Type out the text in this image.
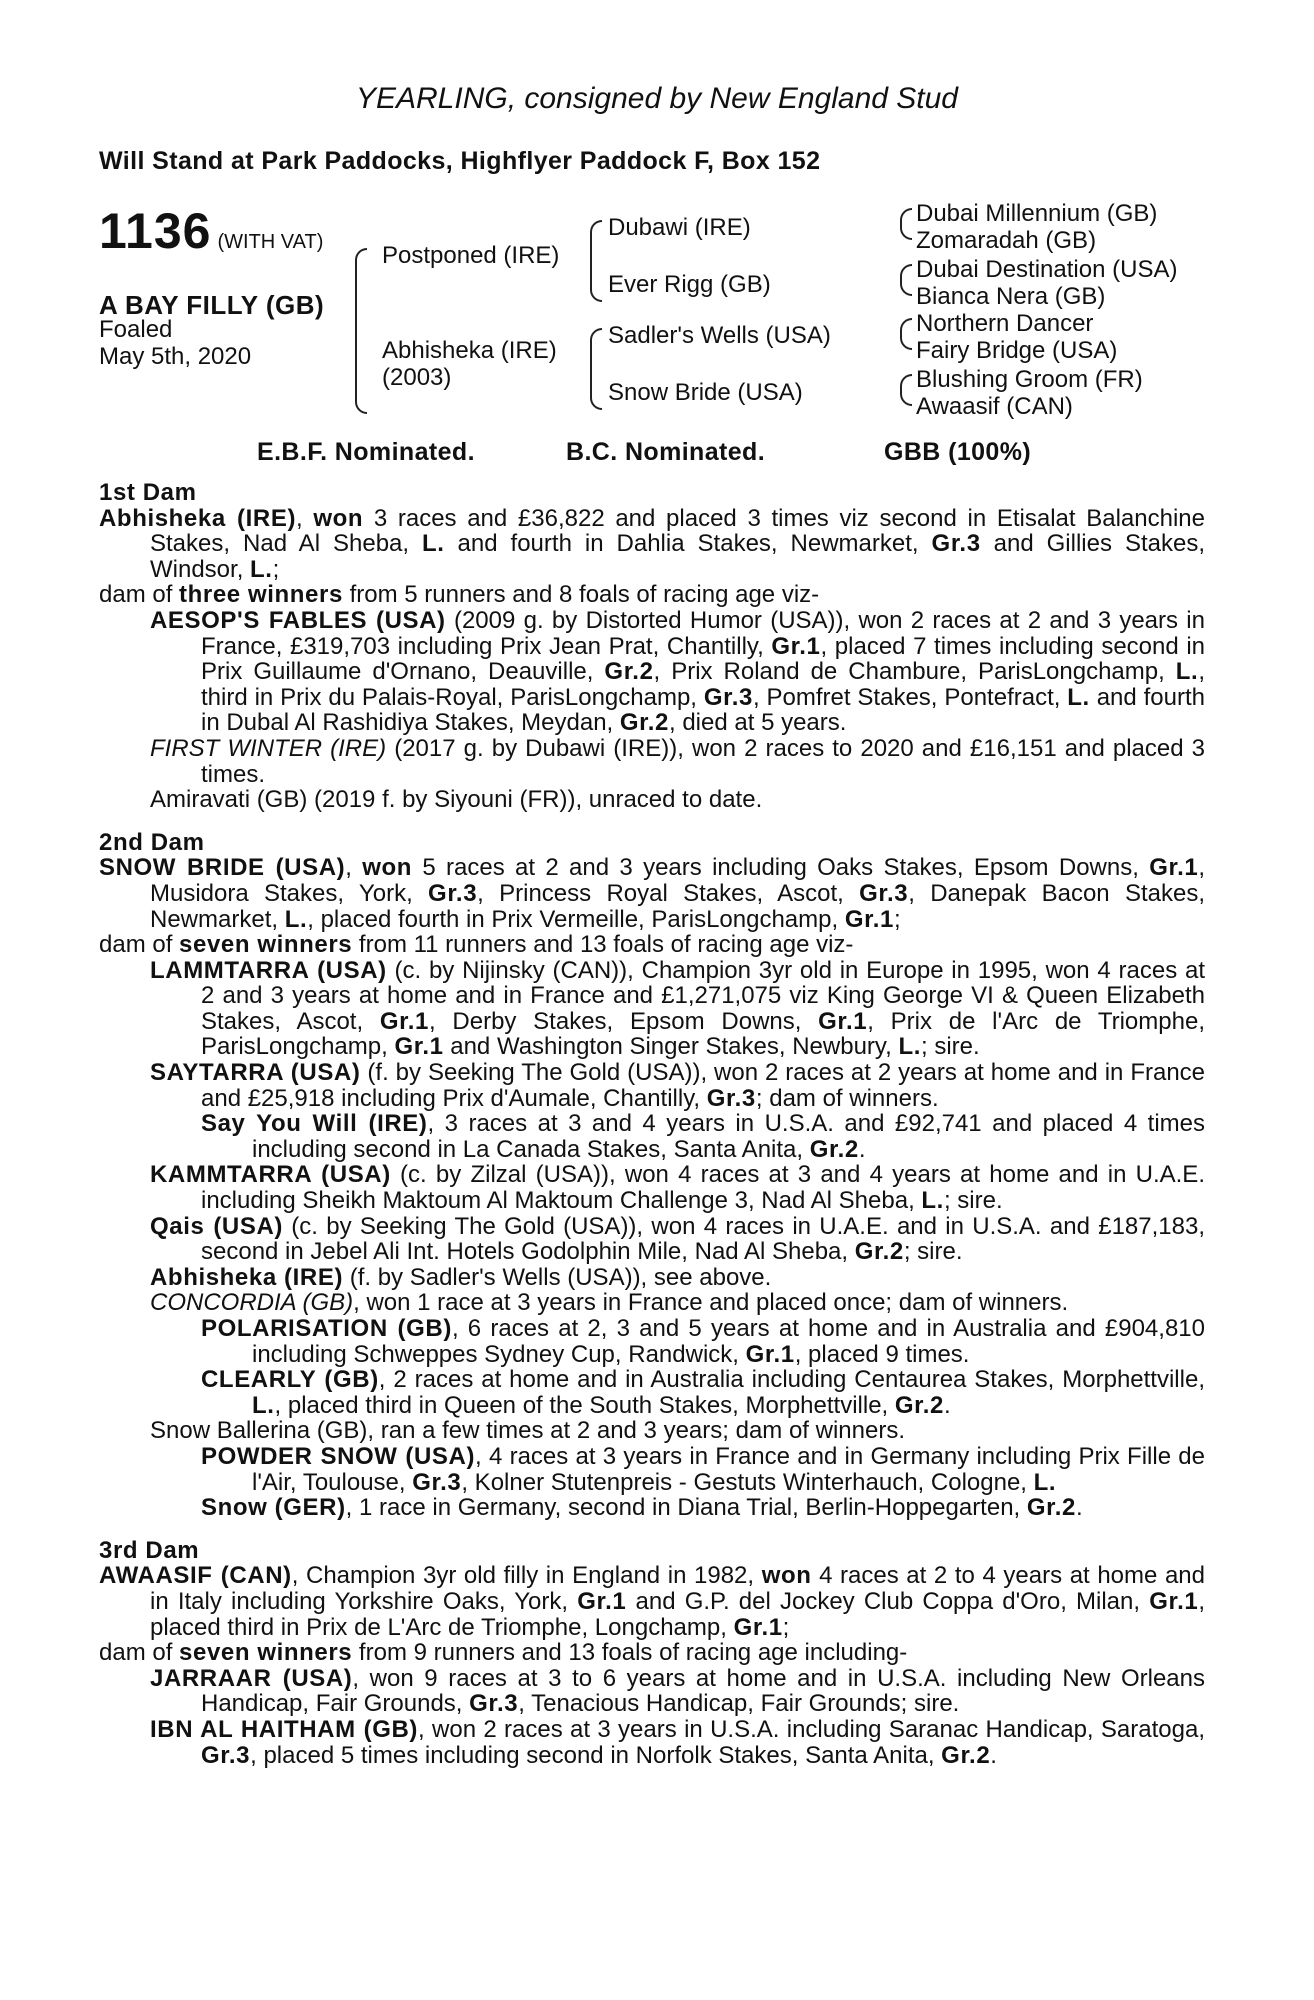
YEARLING, consigned by New England Stud
Will Stand at Park Paddocks, Highflyer Paddock F, Box 152
1136 (WITH VAT)
A BAY FILLY (GB)
Foaled
May 5th, 2020
Postponed (IRE)
Abhisheka (IRE)
(2003)
Dubawi (IRE)
Ever Rigg (GB)
Sadler's Wells (USA)
Snow Bride (USA)
Dubai Millennium (GB)
Zomaradah (GB)
Dubai Destination (USA)
Bianca Nera (GB)
Northern Dancer
Fairy Bridge (USA)
Blushing Groom (FR)
Awaasif (CAN)
E.B.F. Nominated.	B.C. Nominated.	GBB (100%)
1st Dam
Abhisheka (IRE), won 3 races and £36,822 and placed 3 times viz second in Etisalat Balanchine Stakes, Nad Al Sheba, L. and fourth in Dahlia Stakes, Newmarket, Gr.3 and Gillies Stakes, Windsor, L.;
dam of three winners from 5 runners and 8 foals of racing age viz-
AESOP'S FABLES (USA) (2009 g. by Distorted Humor (USA)), won 2 races at 2 and 3 years in France, £319,703 including Prix Jean Prat, Chantilly, Gr.1, placed 7 times including second in Prix Guillaume d'Ornano, Deauville, Gr.2, Prix Roland de Chambure, ParisLongchamp, L., third in Prix du Palais-Royal, ParisLongchamp, Gr.3, Pomfret Stakes, Pontefract, L. and fourth in Dubal Al Rashidiya Stakes, Meydan, Gr.2, died at 5 years.
FIRST WINTER (IRE) (2017 g. by Dubawi (IRE)), won 2 races to 2020 and £16,151 and placed 3 times.
Amiravati (GB) (2019 f. by Siyouni (FR)), unraced to date.
2nd Dam
SNOW BRIDE (USA), won 5 races at 2 and 3 years including Oaks Stakes, Epsom Downs, Gr.1, Musidora Stakes, York, Gr.3, Princess Royal Stakes, Ascot, Gr.3, Danepak Bacon Stakes, Newmarket, L., placed fourth in Prix Vermeille, ParisLongchamp, Gr.1;
dam of seven winners from 11 runners and 13 foals of racing age viz-
LAMMTARRA (USA) (c. by Nijinsky (CAN)), Champion 3yr old in Europe in 1995, won 4 races at 2 and 3 years at home and in France and £1,271,075 viz King George VI & Queen Elizabeth Stakes, Ascot, Gr.1, Derby Stakes, Epsom Downs, Gr.1, Prix de l'Arc de Triomphe, ParisLongchamp, Gr.1 and Washington Singer Stakes, Newbury, L.; sire.
SAYTARRA (USA) (f. by Seeking The Gold (USA)), won 2 races at 2 years at home and in France and £25,918 including Prix d'Aumale, Chantilly, Gr.3; dam of winners.
Say You Will (IRE), 3 races at 3 and 4 years in U.S.A. and £92,741 and placed 4 times including second in La Canada Stakes, Santa Anita, Gr.2.
KAMMTARRA (USA) (c. by Zilzal (USA)), won 4 races at 3 and 4 years at home and in U.A.E. including Sheikh Maktoum Al Maktoum Challenge 3, Nad Al Sheba, L.; sire.
Qais (USA) (c. by Seeking The Gold (USA)), won 4 races in U.A.E. and in U.S.A. and £187,183, second in Jebel Ali Int. Hotels Godolphin Mile, Nad Al Sheba, Gr.2; sire.
Abhisheka (IRE) (f. by Sadler's Wells (USA)), see above.
CONCORDIA (GB), won 1 race at 3 years in France and placed once; dam of winners.
POLARISATION (GB), 6 races at 2, 3 and 5 years at home and in Australia and £904,810 including Schweppes Sydney Cup, Randwick, Gr.1, placed 9 times.
CLEARLY (GB), 2 races at home and in Australia including Centaurea Stakes, Morphettville, L., placed third in Queen of the South Stakes, Morphettville, Gr.2.
Snow Ballerina (GB), ran a few times at 2 and 3 years; dam of winners.
POWDER SNOW (USA), 4 races at 3 years in France and in Germany including Prix Fille de l'Air, Toulouse, Gr.3, Kolner Stutenpreis - Gestuts Winterhauch, Cologne, L.
Snow (GER), 1 race in Germany, second in Diana Trial, Berlin-Hoppegarten, Gr.2.
3rd Dam
AWAASIF (CAN), Champion 3yr old filly in England in 1982, won 4 races at 2 to 4 years at home and in Italy including Yorkshire Oaks, York, Gr.1 and G.P. del Jockey Club Coppa d'Oro, Milan, Gr.1, placed third in Prix de L'Arc de Triomphe, Longchamp, Gr.1;
dam of seven winners from 9 runners and 13 foals of racing age including-
JARRAAR (USA), won 9 races at 3 to 6 years at home and in U.S.A. including New Orleans Handicap, Fair Grounds, Gr.3, Tenacious Handicap, Fair Grounds; sire.
IBN AL HAITHAM (GB), won 2 races at 3 years in U.S.A. including Saranac Handicap, Saratoga, Gr.3, placed 5 times including second in Norfolk Stakes, Santa Anita, Gr.2.
